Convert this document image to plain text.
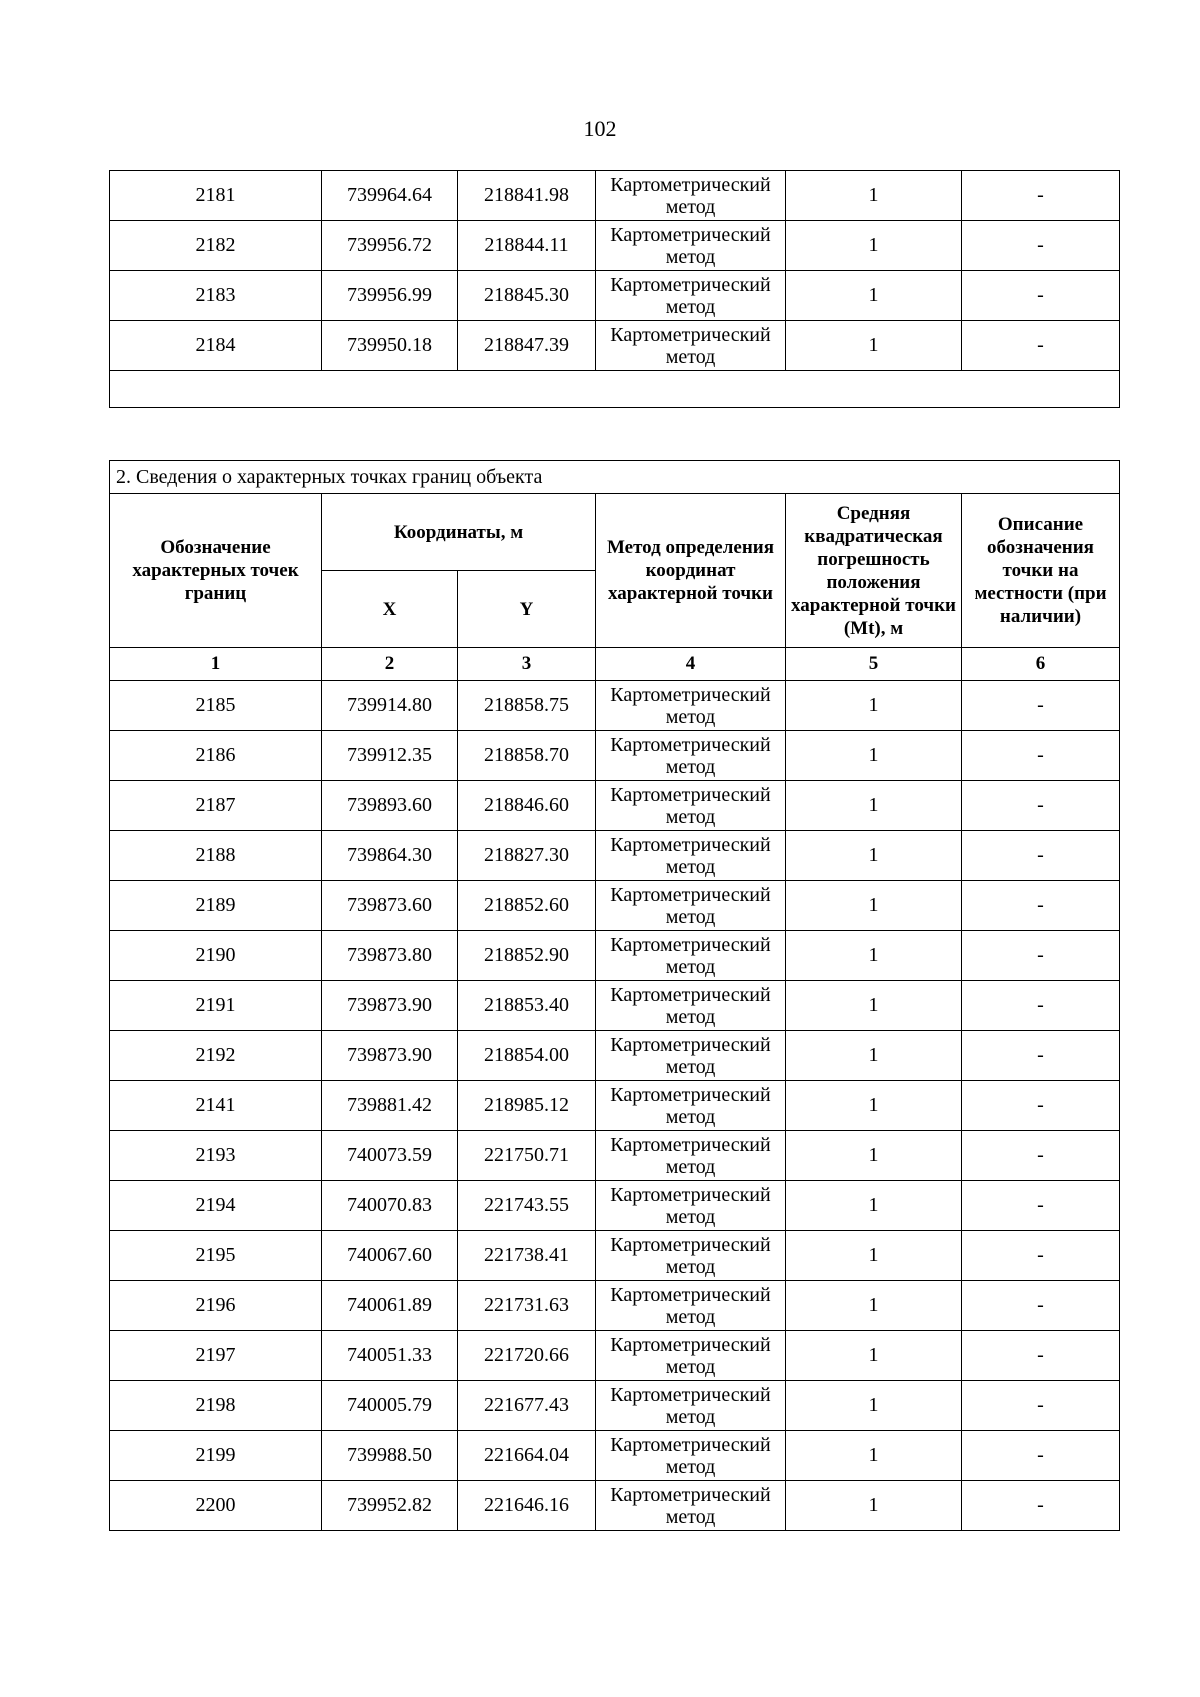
102
2181	739964.64	218841.98	Картометрический метод	1	-
2182	739956.72	218844.11	Картометрический метод	1	-
2183	739956.99	218845.30	Картометрический метод	1	-
2184	739950.18	218847.39	Картометрический метод	1	-

2. Сведения о характерных точках границ объекта					
Обозначение характерных точек границ	Координаты, м		Метод определения координат характерной точки	Средняя квадратическая погрешность положения характерной точки (Mt), м	Описание обозначения точки на местности (при наличии)
	X	Y			
1	2	3	4	5	6
2185	739914.80	218858.75	Картометрический метод	1	-
2186	739912.35	218858.70	Картометрический метод	1	-
2187	739893.60	218846.60	Картометрический метод	1	-
2188	739864.30	218827.30	Картометрический метод	1	-
2189	739873.60	218852.60	Картометрический метод	1	-
2190	739873.80	218852.90	Картометрический метод	1	-
2191	739873.90	218853.40	Картометрический метод	1	-
2192	739873.90	218854.00	Картометрический метод	1	-
2141	739881.42	218985.12	Картометрический метод	1	-
2193	740073.59	221750.71	Картометрический метод	1	-
2194	740070.83	221743.55	Картометрический метод	1	-
2195	740067.60	221738.41	Картометрический метод	1	-
2196	740061.89	221731.63	Картометрический метод	1	-
2197	740051.33	221720.66	Картометрический метод	1	-
2198	740005.79	221677.43	Картометрический метод	1	-
2199	739988.50	221664.04	Картометрический метод	1	-
2200	739952.82	221646.16	Картометрический метод	1	-
